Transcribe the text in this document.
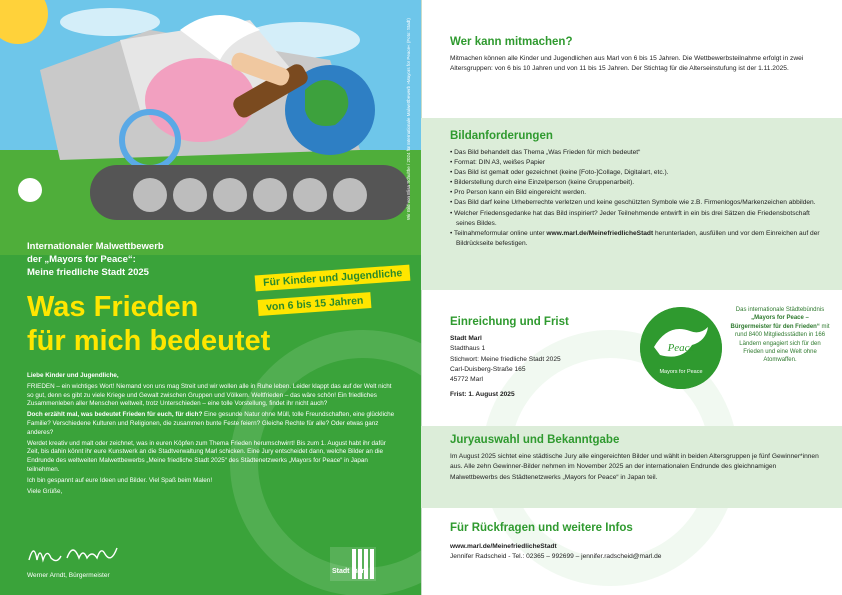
Wir Bild von Elisa Schulthe / 2024 für Internationale Malwettbewerb »Mayors for Peace« (Foto: Stadt)
Internationaler Malwettbewerb
der „Mayors for Peace“:
Meine friedliche Stadt 2025	Für Kinder und Jugendliche
von 6 bis 15 Jahren
Was Frieden
für mich bedeutet

Liebe Kinder und Jugendliche,

FRIEDEN – ein wichtiges Wort! Niemand von uns mag Streit und wir wollen alle in Ruhe leben. Leider klappt das auf der Welt nicht so gut, denn es gibt zu viele Kriege und Gewalt zwischen Gruppen und Völkern. Weltfrieden – das wäre schön! Ein friedliches Zusammenleben aller Menschen weltweit, trotz Unterschieden – eine tolle Vorstellung, findet ihr nicht auch?

Doch erzählt mal, was bedeutet Frieden für euch, für dich? Eine gesunde Natur ohne Müll, tolle Freundschaften, eine glückliche Familie? Verschiedene Kulturen und Religionen, die zusammen bunte Feste feiern? Gleiche Rechte für alle? Oder etwas ganz anderes?

Werdet kreativ und malt oder zeichnet, was in euren Köpfen zum Thema Frieden herumschwirrt! Bis zum 1. August habt ihr dafür Zeit, bis dahin könnt ihr eure Kunstwerk an die Stadtverwaltung Marl schicken. Eine Jury entscheidet dann, welche Bilder an die Endrunde des weltweiten Malwettbewerbs „Meine friedliche Stadt 2025“ des Städtenetzwerks „Mayors for Peace“ in Japan teilnehmen.

Ich bin gespannt auf eure Ideen und Bilder. Viel Spaß beim Malen!

Viele Grüße,

Werner Arndt, Bürgermeister
Stadt marl
Wer kann mitmachen?
Mitmachen können alle Kinder und Jugendlichen aus Marl von 6 bis 15 Jahren. Die Wettbewerbsteilnahme erfolgt in zwei Altersgruppen: von 6 bis 10 Jahren und von 11 bis 15 Jahren. Der Stichtag für die Alterseinstufung ist der 1.11.2025.
Bildanforderungen
• Das Bild behandelt das Thema „Was Frieden für mich bedeutet“
• Format: DIN A3, weißes Papier
• Das Bild ist gemalt oder gezeichnet (keine [Foto-]Collage, Digitalart, etc.).
• Bilderstellung durch eine Einzelperson (keine Gruppenarbeit).
• Pro Person kann ein Bild eingereicht werden.
• Das Bild darf keine Urheberrechte verletzen und keine geschützten Symbole wie z.B. Firmenlogos/Markenzeichen abbilden.
• Welcher Friedensgedanke hat das Bild inspiriert? Jeder Teilnehmende entwirft in ein bis drei Sätzen die Friedensbotschaft seines Bildes.
• Teilnahmeformular online unter www.marl.de/MeinefriedlicheStadt herunterladen, ausfüllen und vor dem Einreichen auf der Bildrückseite befestigen.
Einreichung und Frist
Stadt Marl
Stadthaus 1
Stichwort: Meine friedliche Stadt 2025
Carl-Duisberg-Straße 165
45772 Marl
Frist: 1. August 2025
Peace
Mayors for Peace
Das internationale Städtebündnis „Mayors for Peace – Bürgermeister für den Frieden“ mit rund 8400 Mitgliedsstädten in 166 Ländern engagiert sich für den Frieden und eine Welt ohne Atomwaffen.
Juryauswahl und Bekanntgabe
Im August 2025 sichtet eine städtische Jury alle eingereichten Bilder und wählt in beiden Altersgruppen je fünf Gewinner*innen aus. Alle zehn Gewinner-Bilder nehmen im November 2025 an der internationalen Endrunde des gleichnamigen Malwettbewerbs des Städtenetzwerks „Mayors for Peace“ in Japan teil.
Für Rückfragen und weitere Infos
www.marl.de/MeinefriedlicheStadt
Jennifer Radscheid - Tel.: 02365 – 992699 – jennifer.radscheid@marl.de
